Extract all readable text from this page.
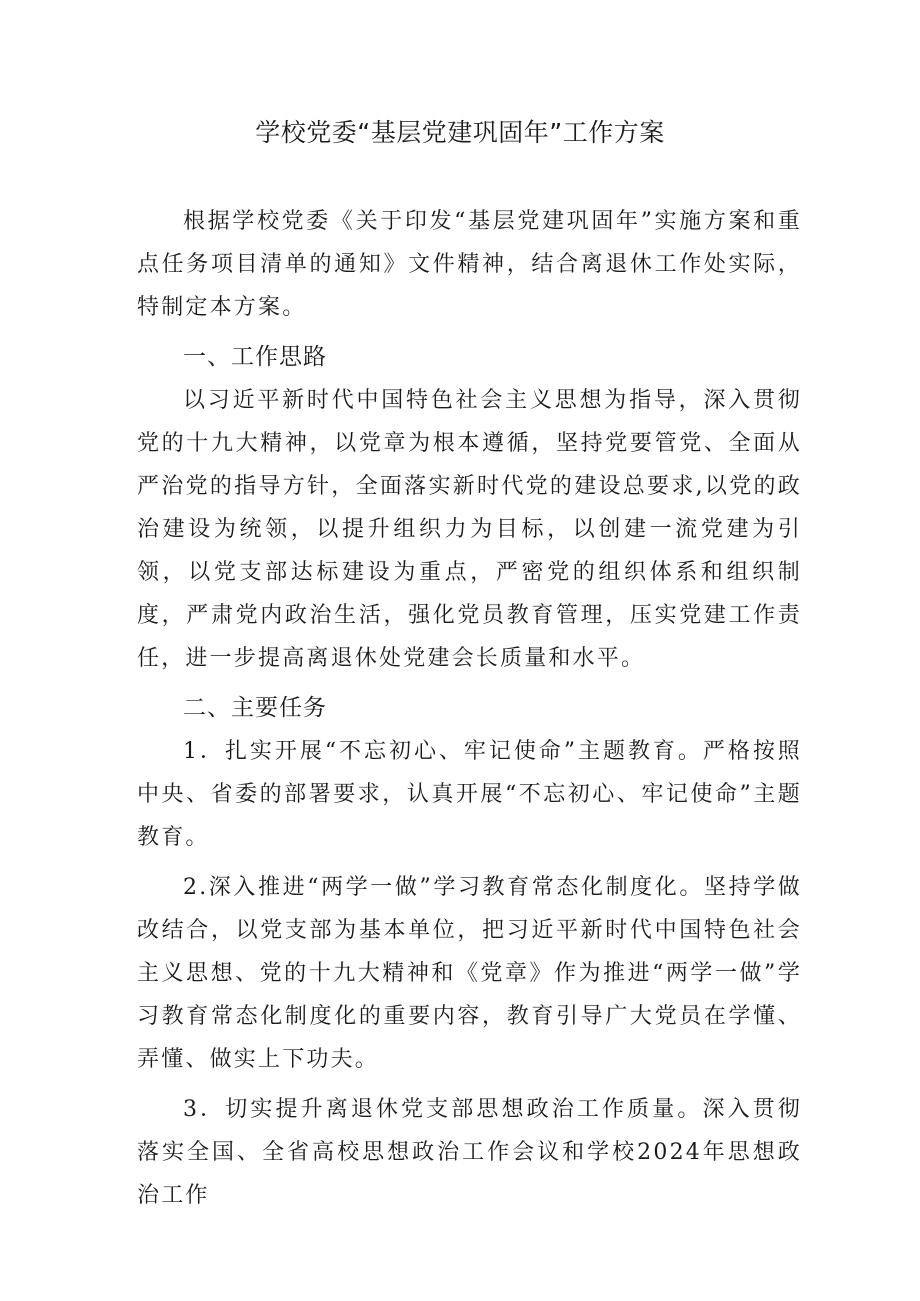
学校党委“基层党建巩固年”工作方案

根据学校党委《关于印发“基层党建巩固年”实施方案和重点任务项目清单的通知》文件精神，结合离退休工作处实际，特制定本方案。

一、工作思路

以习近平新时代中国特色社会主义思想为指导，深入贯彻党的十九大精神，以党章为根本遵循，坚持党要管党、全面从严治党的指导方针，全面落实新时代党的建设总要求,以党的政治建设为统领，以提升组织力为目标，以创建一流党建为引领，以党支部达标建设为重点，严密党的组织体系和组织制度，严肃党内政治生活，强化党员教育管理，压实党建工作责任，进一步提高离退休处党建会长质量和水平。

二、主要任务

1．扎实开展“不忘初心、牢记使命”主题教育。严格按照中央、省委的部署要求，认真开展“不忘初心、牢记使命”主题教育。

2.深入推进“两学一做”学习教育常态化制度化。坚持学做改结合，以党支部为基本单位，把习近平新时代中国特色社会主义思想、党的十九大精神和《党章》作为推进“两学一做”学习教育常态化制度化的重要内容，教育引导广大党员在学懂、弄懂、做实上下功夫。

3．切实提升离退休党支部思想政治工作质量。深入贯彻落实全国、全省高校思想政治工作会议和学校2024年思想政治工作
